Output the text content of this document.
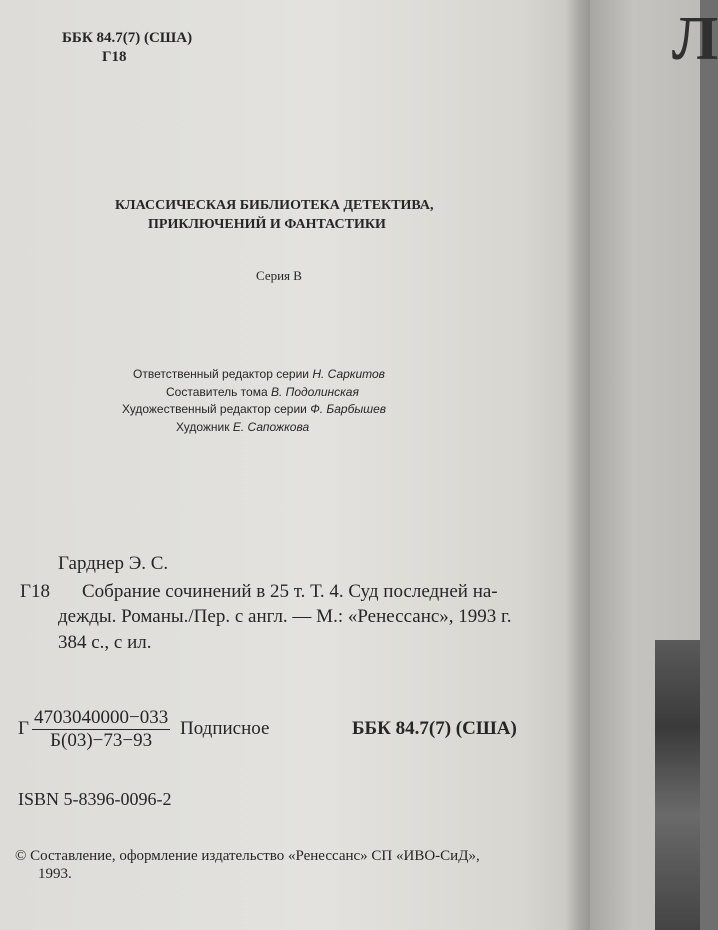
ББК 84.7(7) (США)

Г18

КЛАССИЧЕСКАЯ БИБЛИОТЕКА ДЕТЕКТИВА,

ПРИКЛЮЧЕНИЙ И ФАНТАСТИКИ

Серия В

Ответственный редактор серии Н. Саркитов

Составитель тома В. Подолинская

Художественный редактор серии Ф. Барбышев

Художник Е. Сапожкова

Гарднер Э. С.

Г18 Собрание сочинений в 25 т. Т. 4. Суд последней на-

дежды. Романы./Пер. с англ. — М.: «Ренессанс», 1993 г.

384 с., с ил.

Г

4703040000−033
Б(03)−73−93

Подписное	ББК 84.7(7) (США)

ISBN 5-8396-0096-2

© Составление, оформление издательство «Ренессанс» СП «ИВО-СиД»,

1993.

Л
